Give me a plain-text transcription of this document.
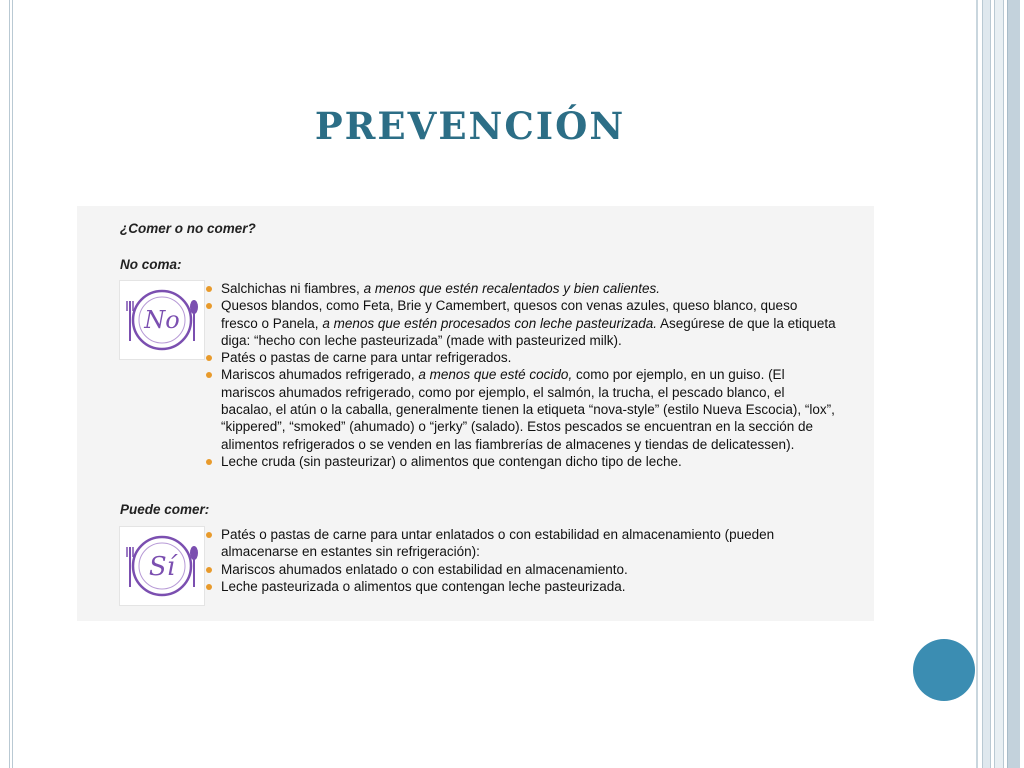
PREVENCIÓN
¿Comer o no comer?
No coma:
No
Salchichas ni fiambres, a menos que estén recalentados y bien calientes.
Quesos blandos, como Feta, Brie y Camembert, quesos con venas azules, queso blanco, queso fresco o Panela, a menos que estén procesados con leche pasteurizada. Asegúrese de que la etiqueta diga: “hecho con leche pasteurizada” (made with pasteurized milk).
Patés o pastas de carne para untar refrigerados.
Mariscos ahumados refrigerado, a menos que esté cocido, como por ejemplo, en un guiso. (El mariscos ahumados refrigerado, como por ejemplo, el salmón, la trucha, el pescado blanco, el bacalao, el atún o la caballa, generalmente tienen la etiqueta “nova-style” (estilo Nueva Escocia), “lox”, “kippered”, “smoked” (ahumado) o “jerky” (salado). Estos pescados se encuentran en la sección de alimentos refrigerados o se venden en las fiambrerías de almacenes y tiendas de delicatessen).
Leche cruda (sin pasteurizar) o alimentos que contengan dicho tipo de leche.
Puede comer:
Sí
Patés o pastas de carne para untar enlatados o con estabilidad en almacenamiento (pueden almacenarse en estantes sin refrigeración):
Mariscos ahumados enlatado o con estabilidad en almacenamiento.
Leche pasteurizada o alimentos que contengan leche pasteurizada.
